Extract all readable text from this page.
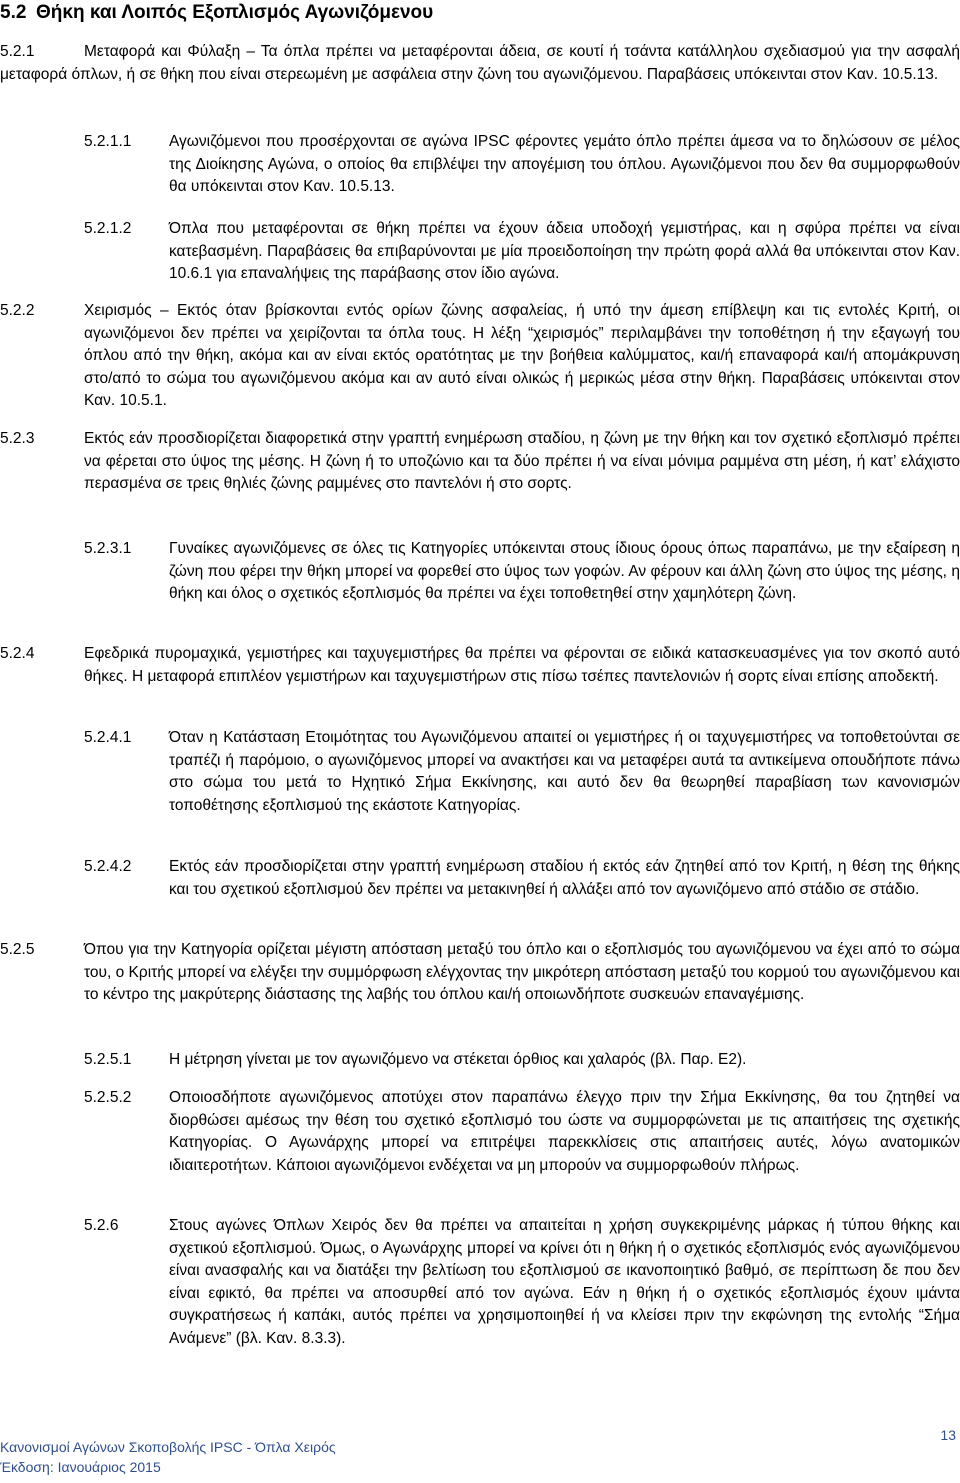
5.2 Θήκη και Λοιπός Εξοπλισμός Αγωνιζόμενου
5.2.1	Μεταφορά και Φύλαξη – Τα όπλα πρέπει να μεταφέρονται άδεια, σε κουτί ή τσάντα κατάλληλου σχεδιασμού για την ασφαλή μεταφορά όπλων, ή σε θήκη που είναι στερεωμένη με ασφάλεια στην ζώνη του αγωνιζόμενου. Παραβάσεις υπόκεινται στον Καν. 10.5.13.
5.2.1.1 Αγωνιζόμενοι που προσέρχονται σε αγώνα IPSC φέροντες γεμάτο όπλο πρέπει άμεσα να το δηλώσουν σε μέλος της Διοίκησης Αγώνα, ο οποίος θα επιβλέψει την απογέμιση του όπλου. Αγωνιζόμενοι που δεν θα συμμορφωθούν θα υπόκεινται στον Καν. 10.5.13.
5.2.1.2 Όπλα που μεταφέρονται σε θήκη πρέπει να έχουν άδεια υποδοχή γεμιστήρας, και η σφύρα πρέπει να είναι κατεβασμένη. Παραβάσεις θα επιβαρύνονται με μία προειδοποίηση την πρώτη φορά αλλά θα υπόκεινται στον Καν. 10.6.1 για επαναλήψεις της παράβασης στον ίδιο αγώνα.
5.2.2	Χειρισμός – Εκτός όταν βρίσκονται εντός ορίων ζώνης ασφαλείας, ή υπό την άμεση επίβλεψη και τις εντολές Κριτή, οι αγωνιζόμενοι δεν πρέπει να χειρίζονται τα όπλα τους. Η λέξη “χειρισμός” περιλαμβάνει την τοποθέτηση ή την εξαγωγή του όπλου από την θήκη, ακόμα και αν είναι εκτός ορατότητας με την βοήθεια καλύμματος, και/ή επαναφορά και/ή απομάκρυνση στο/από το σώμα του αγωνιζόμενου ακόμα και αν αυτό είναι ολικώς ή μερικώς μέσα στην θήκη. Παραβάσεις υπόκεινται στον Καν. 10.5.1.
5.2.3	Εκτός εάν προσδιορίζεται διαφορετικά στην γραπτή ενημέρωση σταδίου, η ζώνη με την θήκη και τον σχετικό εξοπλισμό πρέπει να φέρεται στο ύψος της μέσης. Η ζώνη ή το υποζώνιο και τα δύο πρέπει ή να είναι μόνιμα ραμμένα στη μέση, ή κατ’ ελάχιστο περασμένα σε τρεις θηλιές ζώνης ραμμένες στο παντελόνι ή στο σορτς.
5.2.3.1 Γυναίκες αγωνιζόμενες σε όλες τις Κατηγορίες υπόκεινται στους ίδιους όρους όπως παραπάνω, με την εξαίρεση η ζώνη που φέρει την θήκη μπορεί να φορεθεί στο ύψος των γοφών. Αν φέρουν και άλλη ζώνη στο ύψος της μέσης, η θήκη και όλος ο σχετικός εξοπλισμός θα πρέπει να έχει τοποθετηθεί στην χαμηλότερη ζώνη.
5.2.4	Εφεδρικά πυρομαχικά, γεμιστήρες και ταχυγεμιστήρες θα πρέπει να φέρονται σε ειδικά κατασκευασμένες για τον σκοπό αυτό θήκες. Η μεταφορά επιπλέον γεμιστήρων και ταχυγεμιστήρων στις πίσω τσέπες παντελονιών ή σορτς είναι επίσης αποδεκτή.
5.2.4.1 Όταν η Κατάσταση Ετοιμότητας του Αγωνιζόμενου απαιτεί οι γεμιστήρες ή οι ταχυγεμιστήρες να τοποθετούνται σε τραπέζι ή παρόμοιο, ο αγωνιζόμενος μπορεί να ανακτήσει και να μεταφέρει αυτά τα αντικείμενα οπουδήποτε πάνω στο σώμα του μετά το Ηχητικό Σήμα Εκκίνησης, και αυτό δεν θα θεωρηθεί παραβίαση των κανονισμών τοποθέτησης εξοπλισμού της εκάστοτε Κατηγορίας.
5.2.4.2 Εκτός εάν προσδιορίζεται στην γραπτή ενημέρωση σταδίου ή εκτός εάν ζητηθεί από τον Κριτή, η θέση της θήκης και του σχετικού εξοπλισμού δεν πρέπει να μετακινηθεί ή αλλάξει από τον αγωνιζόμενο από στάδιο σε στάδιο.
5.2.5	Όπου για την Κατηγορία ορίζεται μέγιστη απόσταση μεταξύ του όπλο και ο εξοπλισμός του αγωνιζόμενου να έχει από το σώμα του, ο Κριτής μπορεί να ελέγξει την συμμόρφωση ελέγχοντας την μικρότερη απόσταση μεταξύ του κορμού του αγωνιζόμενου και το κέντρο της μακρύτερης διάστασης της λαβής του όπλου και/ή οποιωνδήποτε συσκευών επαναγέμισης.
5.2.5.1 Η μέτρηση γίνεται με τον αγωνιζόμενο να στέκεται όρθιος και χαλαρός (βλ. Παρ. Ε2).
5.2.5.2 Οποιοσδήποτε αγωνιζόμενος αποτύχει στον παραπάνω έλεγχο πριν την Σήμα Εκκίνησης, θα του ζητηθεί να διορθώσει αμέσως την θέση του σχετικό εξοπλισμό του ώστε να συμμορφώνεται με τις απαιτήσεις της σχετικής Κατηγορίας. Ο Αγωνάρχης μπορεί να επιτρέψει παρεκκλίσεις στις απαιτήσεις αυτές, λόγω ανατομικών ιδιαιτεροτήτων. Κάποιοι αγωνιζόμενοι ενδέχεται να μη μπορούν να συμμορφωθούν πλήρως.
5.2.6	Στους αγώνες Όπλων Χειρός δεν θα πρέπει να απαιτείται η χρήση συγκεκριμένης μάρκας ή τύπου θήκης και σχετικού εξοπλισμού. Όμως, ο Αγωνάρχης μπορεί να κρίνει ότι η θήκη ή ο σχετικός εξοπλισμός ενός αγωνιζόμενου είναι ανασφαλής και να διατάξει την βελτίωση του εξοπλισμού σε ικανοποιητικό βαθμό, σε περίπτωση δε που δεν είναι εφικτό, θα πρέπει να αποσυρθεί από τον αγώνα. Εάν η θήκη ή ο σχετικός εξοπλισμός έχουν ιμάντα συγκρατήσεως ή καπάκι, αυτός πρέπει να χρησιμοποιηθεί ή να κλείσει πριν την εκφώνηση της εντολής “Σήμα Ανάμενε” (βλ. Καν. 8.3.3).
Κανονισμοί Αγώνων Σκοποβολής IPSC - Όπλα Χειρός
Έκδοση: Ιανουάριος 2015
13
